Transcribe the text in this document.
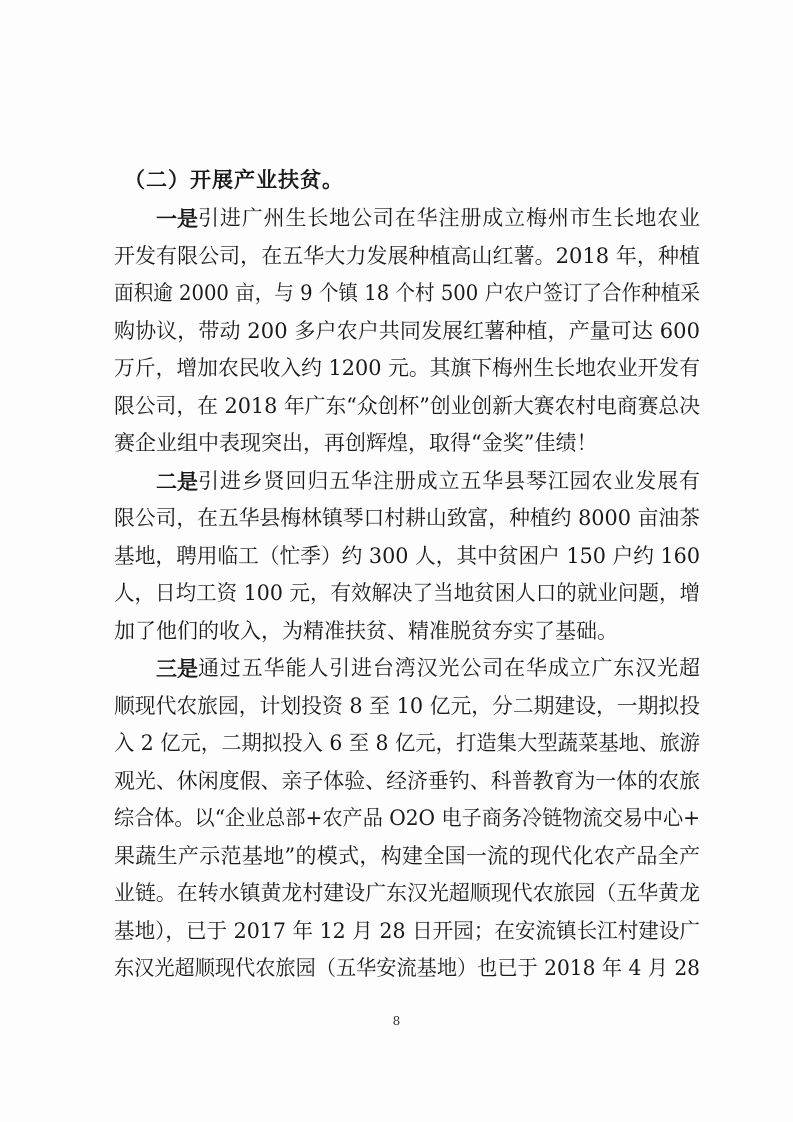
（二）开展产业扶贫。
一是 引进广州生长地公司在华注册成立梅州市生长地农业
开发有限公司，在五华大力发展种植高山红薯。2018 年，种植
面积逾 2000 亩，与 9 个镇 18 个村 500 户农户签订了合作种植采
购协议，带动 200 多户农户共同发展红薯种植，产量可达 600
万斤，增加农民收入约 1200 元。其旗下梅州生长地农业开发有
限公司，在 2018 年广东“众创杯”创业创新大赛农村电商赛总决
赛企业组中表现突出，再创辉煌，取得“金奖”佳绩！
二是 引进乡贤回归五华注册成立五华县琴江园农业发展有
限公司，在五华县梅林镇琴口村耕山致富，种植约 8000 亩油茶
基地，聘用临工（忙季）约 300 人，其中贫困户 150 户约 160
人，日均工资 100 元，有效解决了当地贫困人口的就业问题，增
加了他们的收入，为精准扶贫、精准脱贫夯实了基础。
三是 通过五华能人引进台湾汉光公司在华成立广东汉光超
顺现代农旅园，计划投资 8 至 10 亿元，分二期建设，一期拟投
入 2 亿元，二期拟投入 6 至 8 亿元，打造集大型蔬菜基地、旅游
观光、休闲度假、亲子体验、经济垂钓、科普教育为一体的农旅
综合体。以“企业总部+农产品 O2O 电子商务冷链物流交易中心+
果蔬生产示范基地”的模式，构建全国一流的现代化农产品全产
业链。在转水镇黄龙村建设广东汉光超顺现代农旅园（五华黄龙
基地），已于 2017 年 12 月 28 日开园；在安流镇长江村建设广
东汉光超顺现代农旅园（五华安流基地）也已于 2018 年 4 月 28
8
